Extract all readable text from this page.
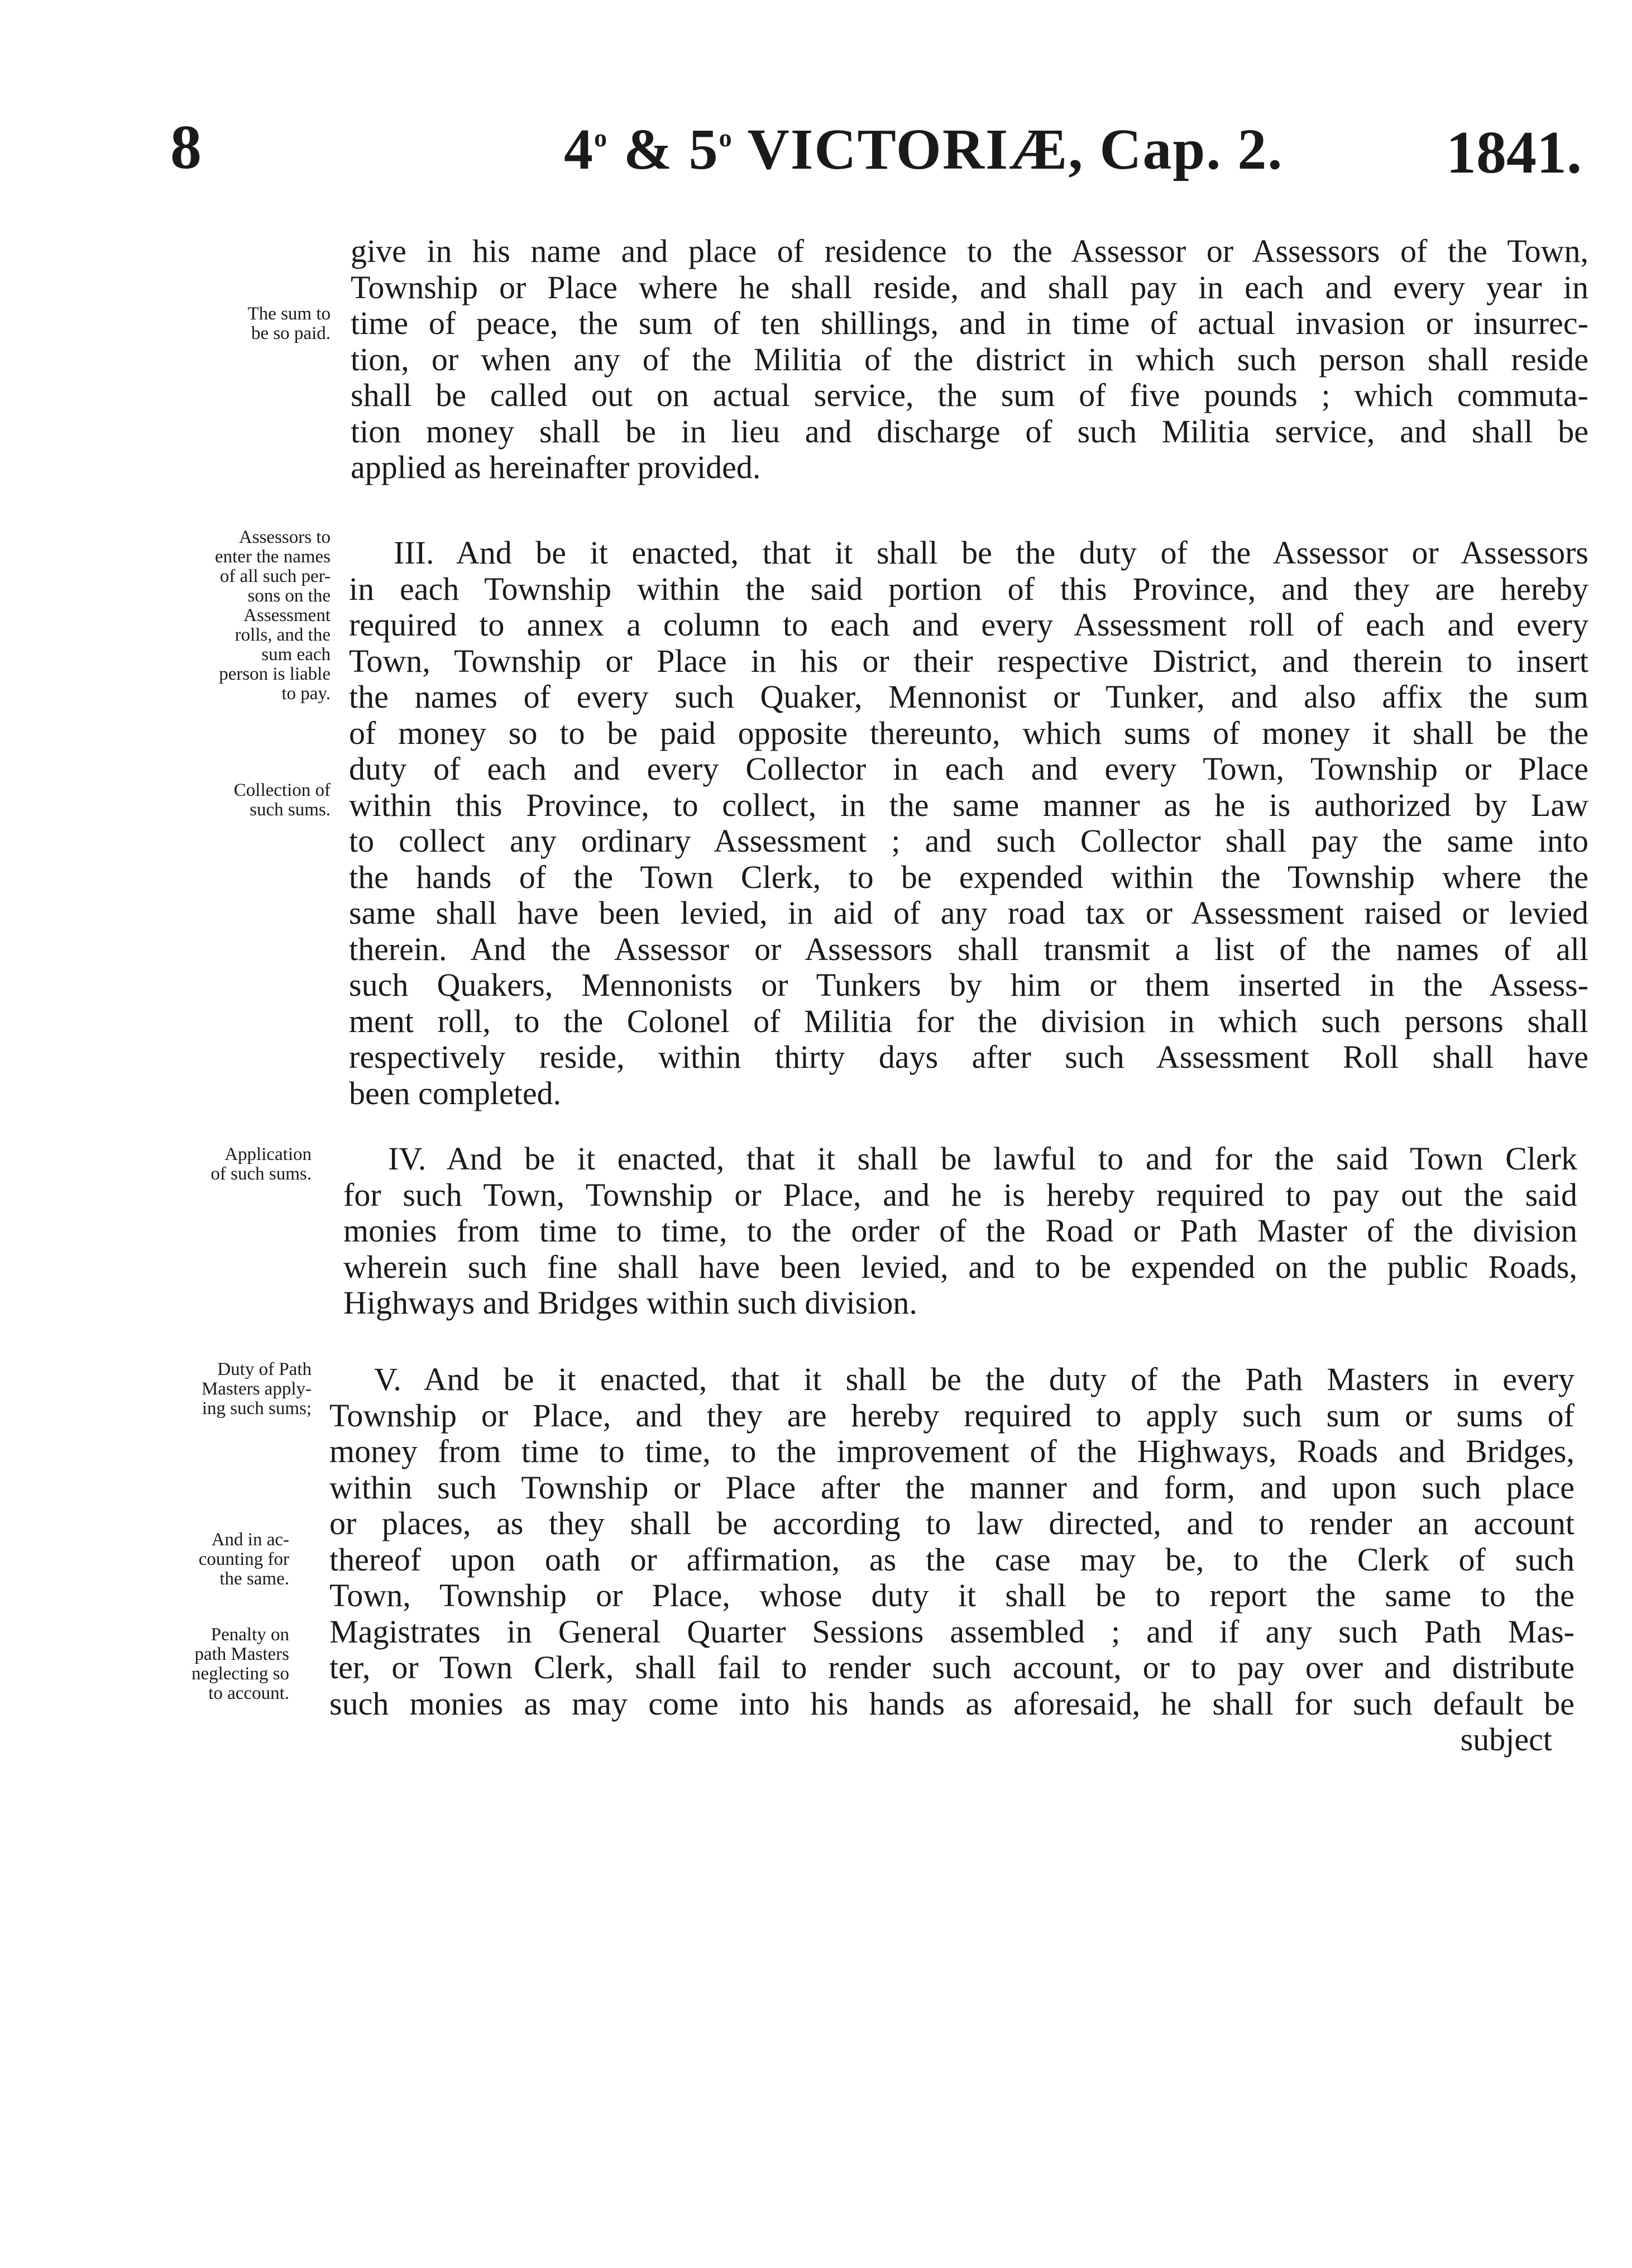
8	4$^o$ & 5$^o$ VICTORIÆ, Cap. 2.	1841.
The sum to
be so paid.
Assessors to
enter the names
of all such per-
sons on the
Assessment
rolls, and the
sum each
person is liable
to pay.
Collection of
such sums.
Application
of such sums.
Duty of Path
Masters apply-
ing such sums;
And in ac-
counting for
the same.
Penalty on
path Masters
neglecting so
to account.
give in his name and place of residence to the Assessor or Assessors of the Town,
Township or Place where he shall reside, and shall pay in each and every year in
time of peace, the sum of ten shillings, and in time of actual invasion or insurrec-
tion, or when any of the Militia of the district in which such person shall reside
shall be called out on actual service, the sum of five pounds ; which commuta-
tion money shall be in lieu and discharge of such Militia service, and shall be
applied as hereinafter provided.
III. And be it enacted, that it shall be the duty of the Assessor or Assessors
in each Township within the said portion of this Province, and they are hereby
required to annex a column to each and every Assessment roll of each and every
Town, Township or Place in his or their respective District, and therein to insert
the names of every such Quaker, Mennonist or Tunker, and also affix the sum
of money so to be paid opposite thereunto, which sums of money it shall be the
duty of each and every Collector in each and every Town, Township or Place
within this Province, to collect, in the same manner as he is authorized by Law
to collect any ordinary Assessment ; and such Collector shall pay the same into
the hands of the Town Clerk, to be expended within the Township where the
same shall have been levied, in aid of any road tax or Assessment raised or levied
therein. And the Assessor or Assessors shall transmit a list of the names of all
such Quakers, Mennonists or Tunkers by him or them inserted in the Assess-
ment roll, to the Colonel of Militia for the division in which such persons shall
respectively reside, within thirty days after such Assessment Roll shall have
been completed.
IV. And be it enacted, that it shall be lawful to and for the said Town Clerk
for such Town, Township or Place, and he is hereby required to pay out the said
monies from time to time, to the order of the Road or Path Master of the division
wherein such fine shall have been levied, and to be expended on the public Roads,
Highways and Bridges within such division.
V. And be it enacted, that it shall be the duty of the Path Masters in every
Township or Place, and they are hereby required to apply such sum or sums of
money from time to time, to the improvement of the Highways, Roads and Bridges,
within such Township or Place after the manner and form, and upon such place
or places, as they shall be according to law directed, and to render an account
thereof upon oath or affirmation, as the case may be, to the Clerk of such
Town, Township or Place, whose duty it shall be to report the same to the
Magistrates in General Quarter Sessions assembled ; and if any such Path Mas-
ter, or Town Clerk, shall fail to render such account, or to pay over and distribute
such monies as may come into his hands as aforesaid, he shall for such default be
subject
